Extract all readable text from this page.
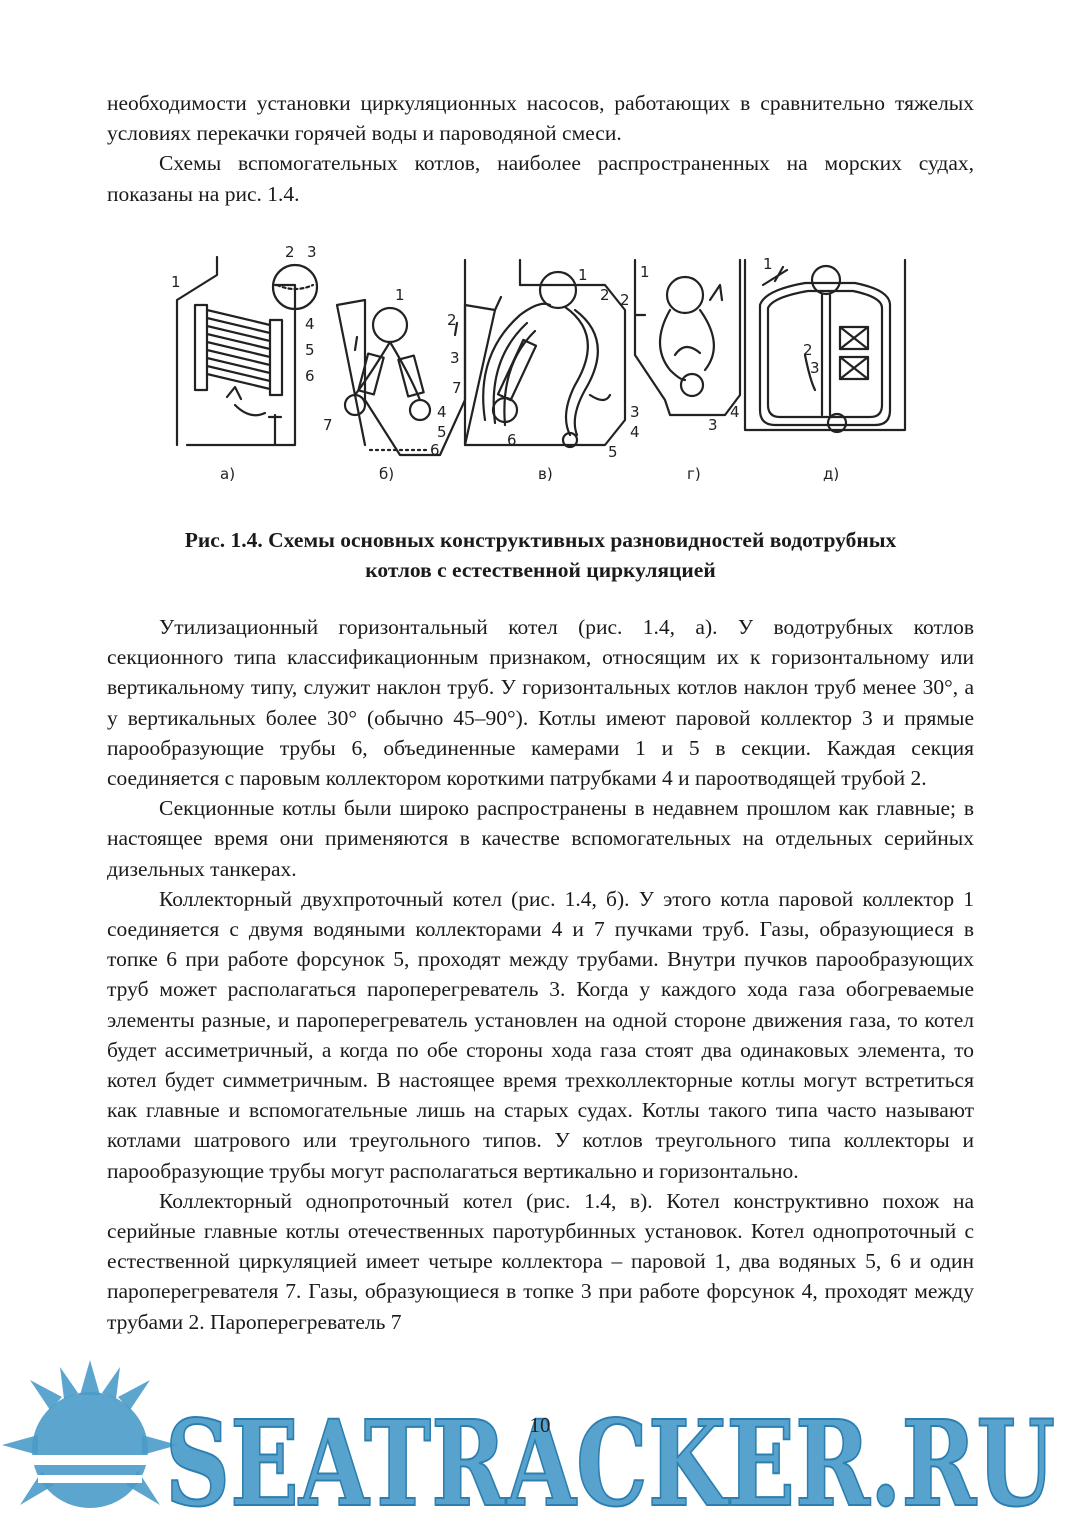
необходимости установки циркуляционных насосов, работающих в сравнительно тяжелых условиях перекачки горячей воды и пароводяной смеси.

Схемы вспомогательных котлов, наиболее распространенных на морских судах, показаны на рис. 1.4.

1
2 3
4
5
6
1
2
3
4
5
6
7
1
2
3
4
5
6
7
1
2
3
4
1
2
3
а)	б)	в)	г)	д)
Рис. 1.4. Схемы основных конструктивных разновидностей водотрубных
котлов с естественной циркуляцией

Утилизационный горизонтальный котел (рис. 1.4, а). У водотрубных котлов секционного типа классификационным признаком, относящим их к горизонтальному или вертикальному типу, служит наклон труб. У горизонтальных котлов наклон труб менее 30°, а у вертикальных более 30° (обычно 45–90°). Котлы имеют паровой коллектор 3 и прямые парообразующие трубы 6, объединенные камерами 1 и 5 в секции. Каждая секция соединяется с паровым коллектором короткими патрубками 4 и пароотводящей трубой 2.

Секционные котлы были широко распространены в недавнем прошлом как главные; в настоящее время они применяются в качестве вспомогательных на отдельных серийных дизельных танкерах.

Коллекторный двухпроточный котел (рис. 1.4, б). У этого котла паровой коллектор 1 соединяется с двумя водяными коллекторами 4 и 7 пучками труб. Газы, образующиеся в топке 6 при работе форсунок 5, проходят между трубами. Внутри пучков парообразующих труб может располагаться пароперегреватель 3. Когда у каждого хода газа обогреваемые элементы разные, и пароперегреватель установлен на одной стороне движения газа, то котел будет ассиметричный, а когда по обе стороны хода газа стоят два одинаковых элемента, то котел будет симметричным. В настоящее время трехколлекторные котлы могут встретиться как главные и вспомогательные лишь на старых судах. Котлы такого типа часто называют котлами шатрового или треугольного типов. У котлов треугольного типа коллекторы и парообразующие трубы могут располагаться вертикально и горизонтально.

Коллекторный однопроточный котел (рис. 1.4, в). Котел конструктивно похож на серийные главные котлы отечественных паротурбинных установок. Котел однопроточный с естественной циркуляцией имеет четыре коллектора – паровой 1, два водяных 5, 6 и один пароперегревателя 7. Газы, образующиеся в топке 3 при работе форсунок 4, проходят между трубами 2. Пароперегреватель 7

SEATRACKER.RU
10
